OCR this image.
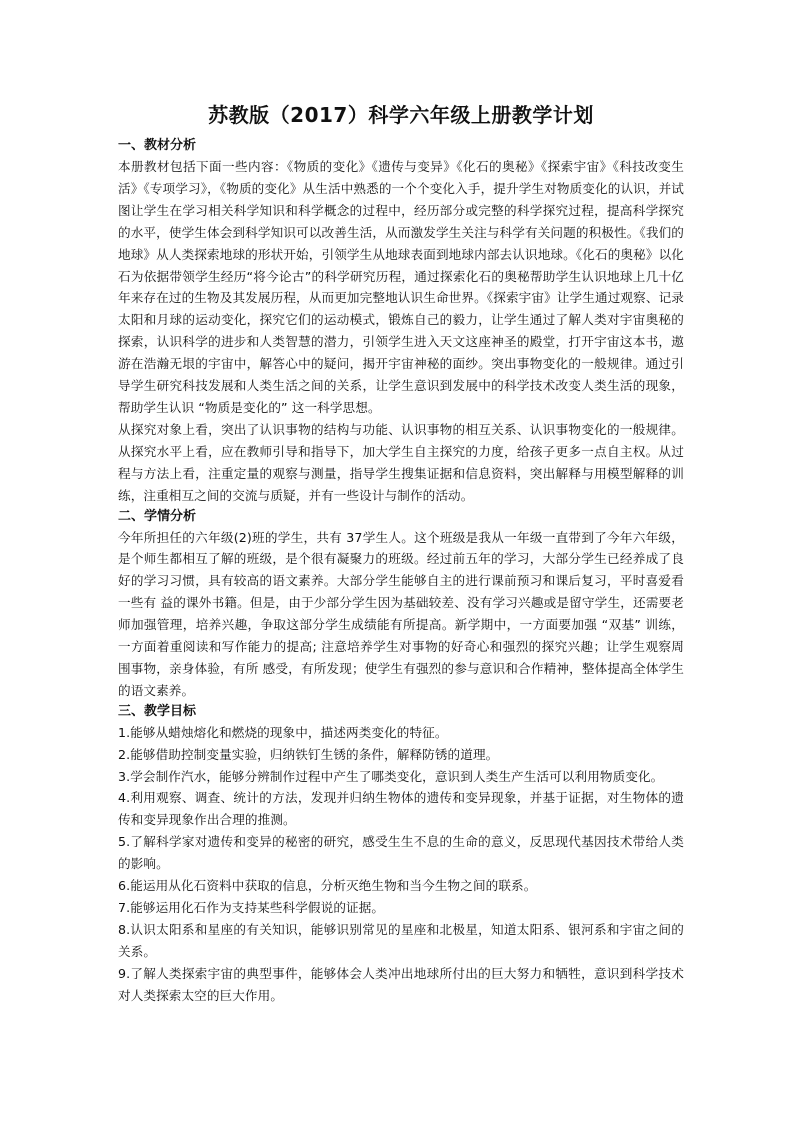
苏教版（2017）科学六年级上册教学计划
一、教材分析

本册教材包括下面一些内容：《物质的变化》《遗传与变异》《化石的奥秘》《探索宇宙》《科技改变生活》《专项学习》，《物质的变化》从生活中熟悉的一个个变化入手，提升学生对物质变化的认识，并试图让学生在学习相关科学知识和科学概念的过程中，经历部分或完整的科学探究过程，提高科学探究的水平，使学生体会到科学知识可以改善生活，从而激发学生关注与科学有关问题的积极性。《我们的地球》从人类探索地球的形状开始，引领学生从地球表面到地球内部去认识地球。《化石的奥秘》以化石为依据带领学生经历“将今论古”的科学研究历程，通过探索化石的奥秘帮助学生认识地球上几十亿年来存在过的生物及其发展历程，从而更加完整地认识生命世界。《探索宇宙》让学生通过观察、记录太阳和月球的运动变化，探究它们的运动模式，锻炼自己的毅力，让学生通过了解人类对宇宙奥秘的探索，认识科学的进步和人类智慧的潜力，引领学生进入天文这座神圣的殿堂，打开宇宙这本书，遨游在浩瀚无垠的宇宙中，解答心中的疑问，揭开宇宙神秘的面纱。突出事物变化的一般规律。通过引导学生研究科技发展和人类生活之间的关系，让学生意识到发展中的科学技术改变人类生活的现象，帮助学生认识 “物质是变化的” 这一科学思想。

从探究对象上看，突出了认识事物的结构与功能、认识事物的相互关系、认识事物变化的一般规律。从探究水平上看，应在教师引导和指导下，加大学生自主探究的力度，给孩子更多一点自主权。从过程与方法上看，注重定量的观察与测量，指导学生搜集证据和信息资料，突出解释与用模型解释的训练，注重相互之间的交流与质疑，并有一些设计与制作的活动。

二、学情分析

今年所担任的六年级(2)班的学生，共有 37学生人。这个班级是我从一年级一直带到了今年六年级，是个师生都相互了解的班级，是个很有凝聚力的班级。经过前五年的学习，大部分学生已经养成了良好的学习习惯，具有较高的语文素养。大部分学生能够自主的进行课前预习和课后复习，平时喜爱看一些有 益的课外书籍。但是，由于少部分学生因为基础较差、没有学习兴趣或是留守学生，还需要老师加强管理，培养兴趣，争取这部分学生成绩能有所提高。新学期中，一方面要加强 “双基” 训练，一方面着重阅读和写作能力的提高; 注意培养学生对事物的好奇心和强烈的探究兴趣；让学生观察周围事物，亲身体验，有所 感受，有所发现；使学生有强烈的参与意识和合作精神，整体提高全体学生的语文素养。

三、教学目标
1.能够从蜡烛熔化和燃烧的现象中，描述两类变化的特征。
2.能够借助控制变量实验，归纳铁钉生锈的条件，解释防锈的道理。
3.学会制作汽水，能够分辨制作过程中产生了哪类变化，意识到人类生产生活可以利用物质变化。
4.利用观察、调查、统计的方法，发现并归纳生物体的遗传和变异现象，并基于证据，对生物体的遗传和变异现象作出合理的推测。
5.了解科学家对遗传和变异的秘密的研究，感受生生不息的生命的意义，反思现代基因技术带给人类的影响。
6.能运用从化石资料中获取的信息，分析灭绝生物和当今生物之间的联系。
7.能够运用化石作为支持某些科学假说的证据。
8.认识太阳系和星座的有关知识，能够识别常见的星座和北极星，知道太阳系、银河系和宇宙之间的关系。
9.了解人类探索宇宙的典型事件，能够体会人类冲出地球所付出的巨大努力和牺牲，意识到科学技术对人类探索太空的巨大作用。
